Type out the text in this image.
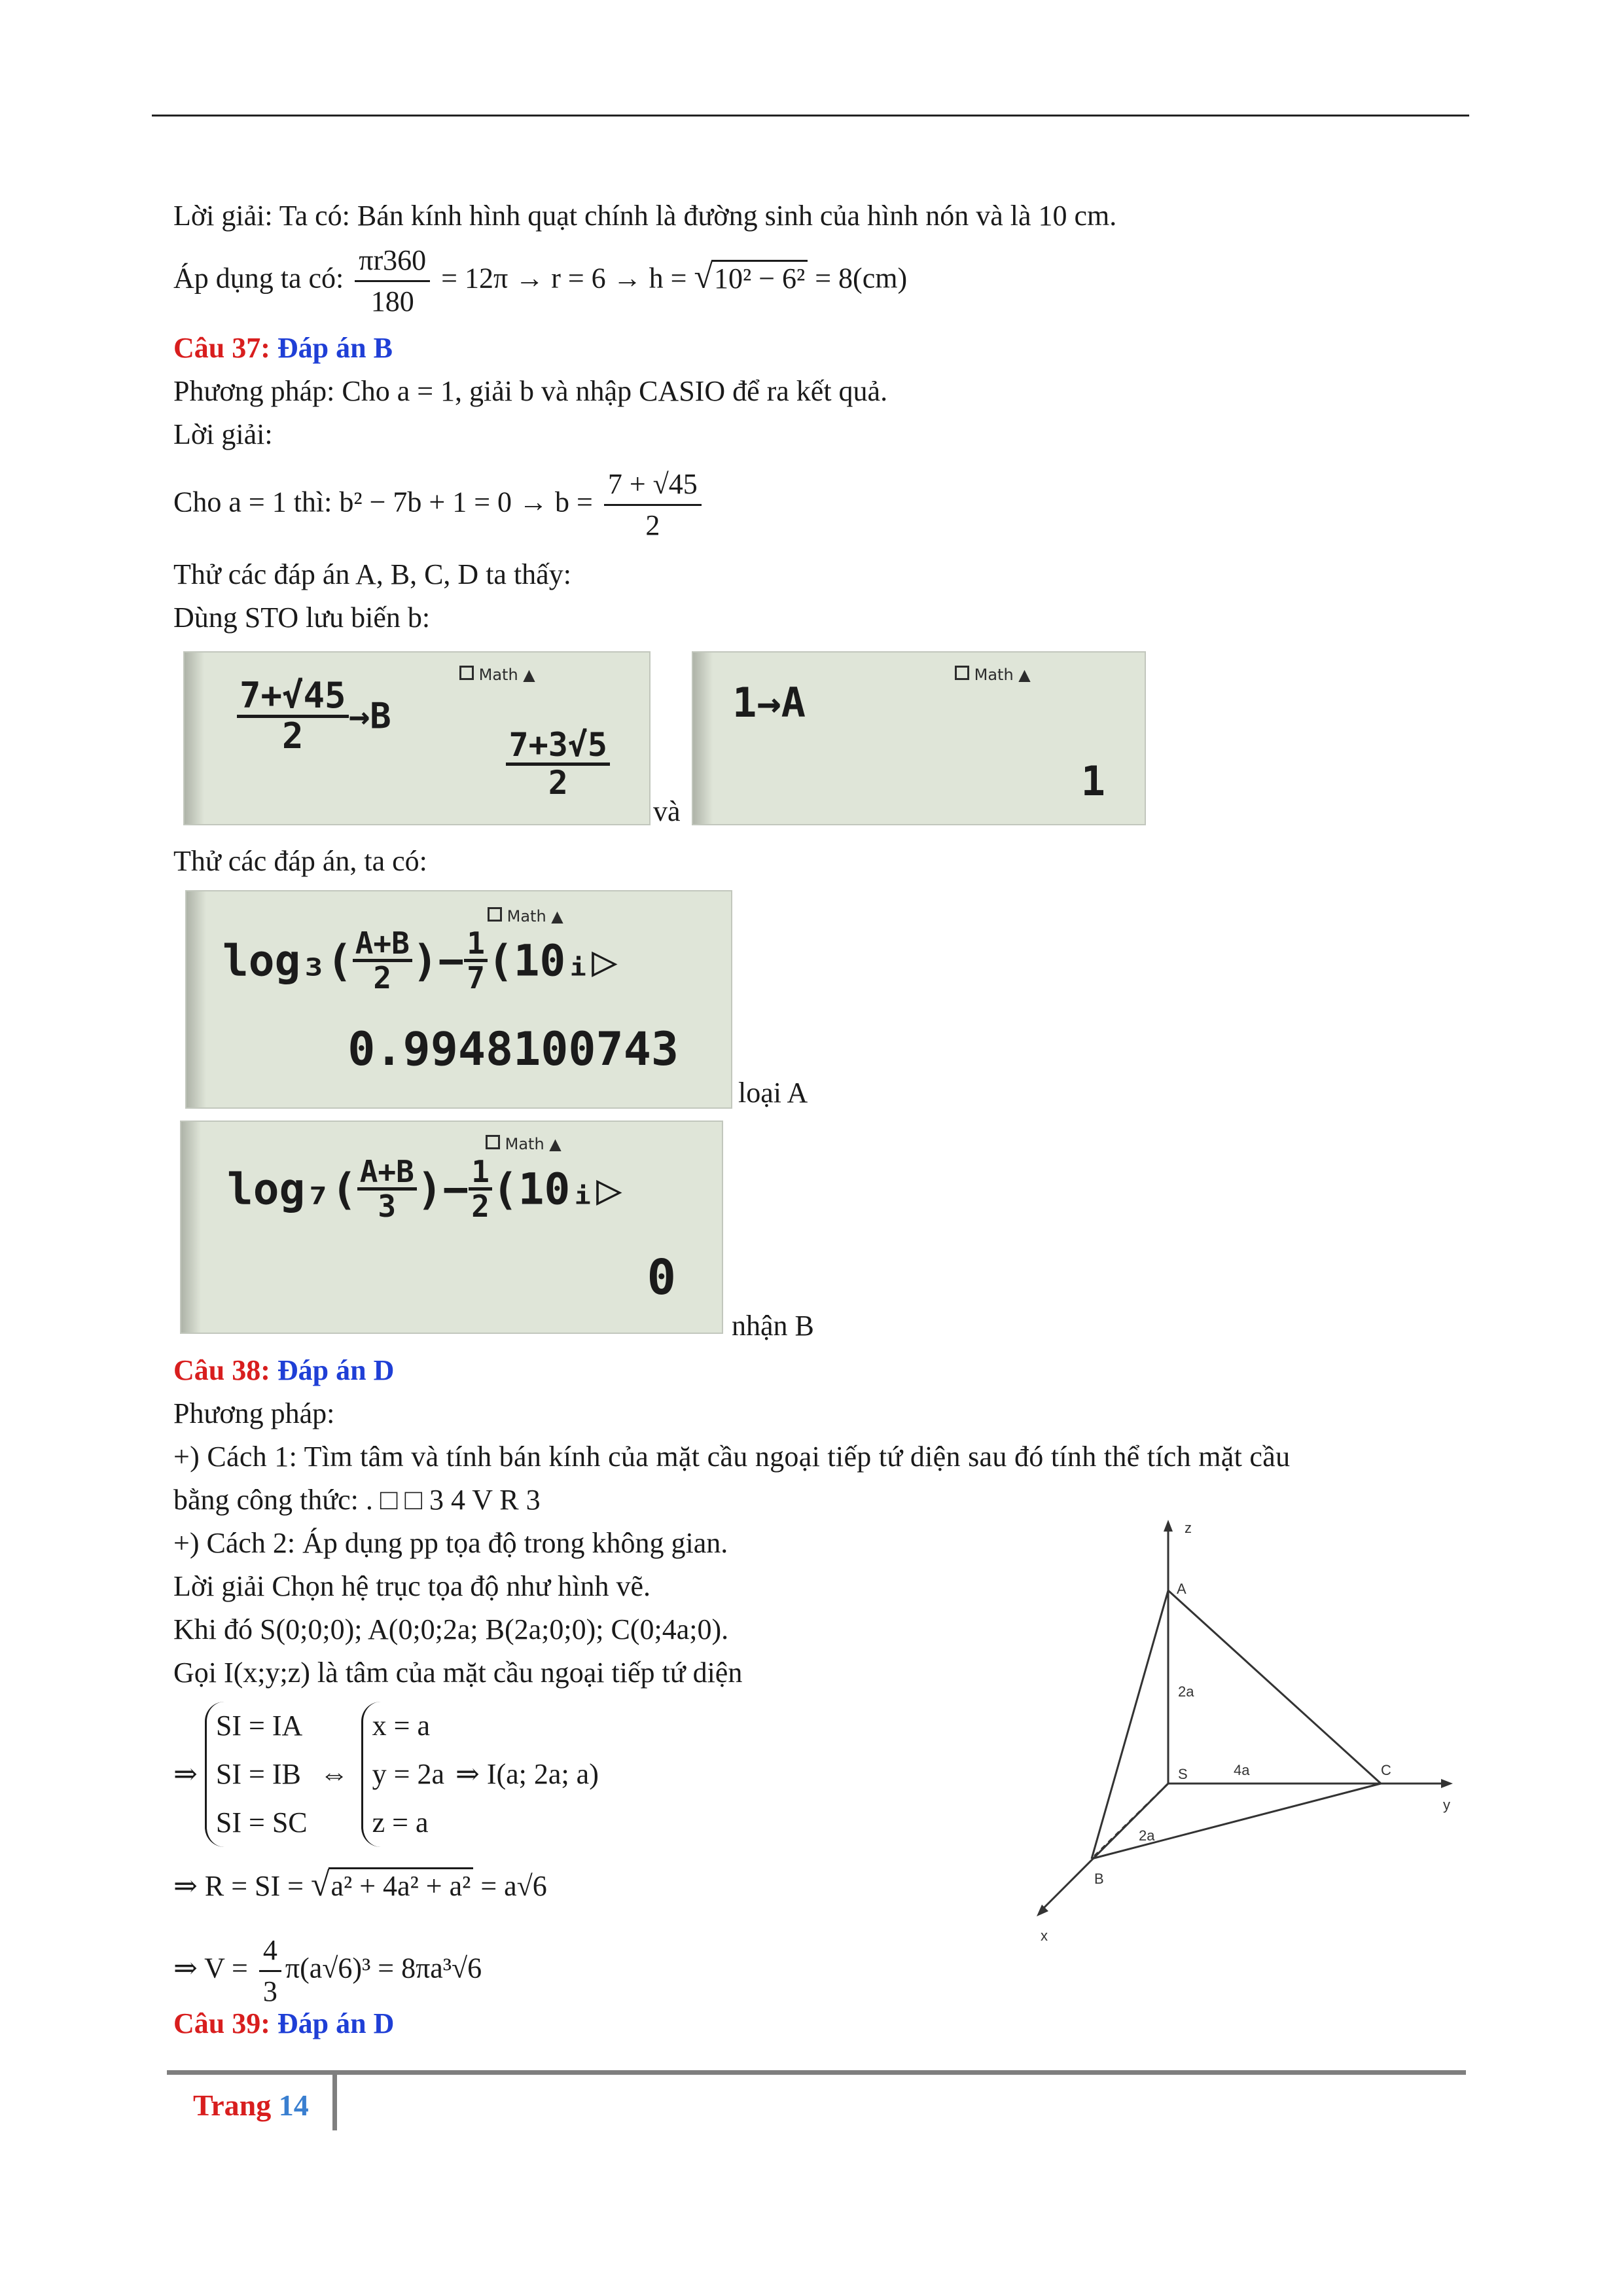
Lời giải: Ta có: Bán kính hình quạt chính là đường sinh của hình nón và là 10 cm.
Áp dụng ta có: $\frac{\pi r360}{180} = 12\pi \to r = 6 \to h = √10^2 - 6^2 = 8(cm)$
Câu 37: Đáp án B
Phương pháp: Cho a = 1, giải b và nhập CASIO để ra kết quả.
Lời giải:
Cho a = 1 thì: $b^2 - 7b + 1 = 0 \to b = \frac{7 + √45}{2}$
Thử các đáp án A, B, C, D ta thấy:
Dùng STO lưu biến b:
Math ▲
$\frac{7+√45}{2} \to B$
$\frac{7+3√5}{2}$
và
Math ▲
1→A
1
Thử các đáp án, ta có:
Math ▲
$\log_3( \frac{A+B}{2}$ )− $\frac{1}{7}$ (10ᵢ▷
0.9948100743
loại A
Math ▲
$\log_7( \frac{A+B}{3}$ )− $\frac{1}{2}$ (10ᵢ▷
0
nhận B
Câu 38: Đáp án D
Phương pháp:
+) Cách 1: Tìm tâm và tính bán kính của mặt cầu ngoại tiếp tứ diện sau đó tính thể tích mặt cầu
bằng công thức: . □ □ 3 4 V R 3
+) Cách 2: Áp dụng pp tọa độ trong không gian.
Lời giải Chọn hệ trục tọa độ như hình vẽ.
Khi đó S(0;0;0); A(0;0;2a; B(2a;0;0); C(0;4a;0).
Gọi I(x;y;z) là tâm của mặt cầu ngoại tiếp tứ diện
⇒
SI = IA
SI = IB
SI = SC
⇔
x = a
y = 2a
z = a
⇒ I(a; 2a; a)
⇒ R = SI = √a² + 4a² + a² = a√6
⇒ $V = \frac{4}{3} \pi(a√6)^3 = 8\pi a^3√6$
z
y
x
A
S
B
C
2a
4a
2a
Câu 39: Đáp án D
Trang 14
